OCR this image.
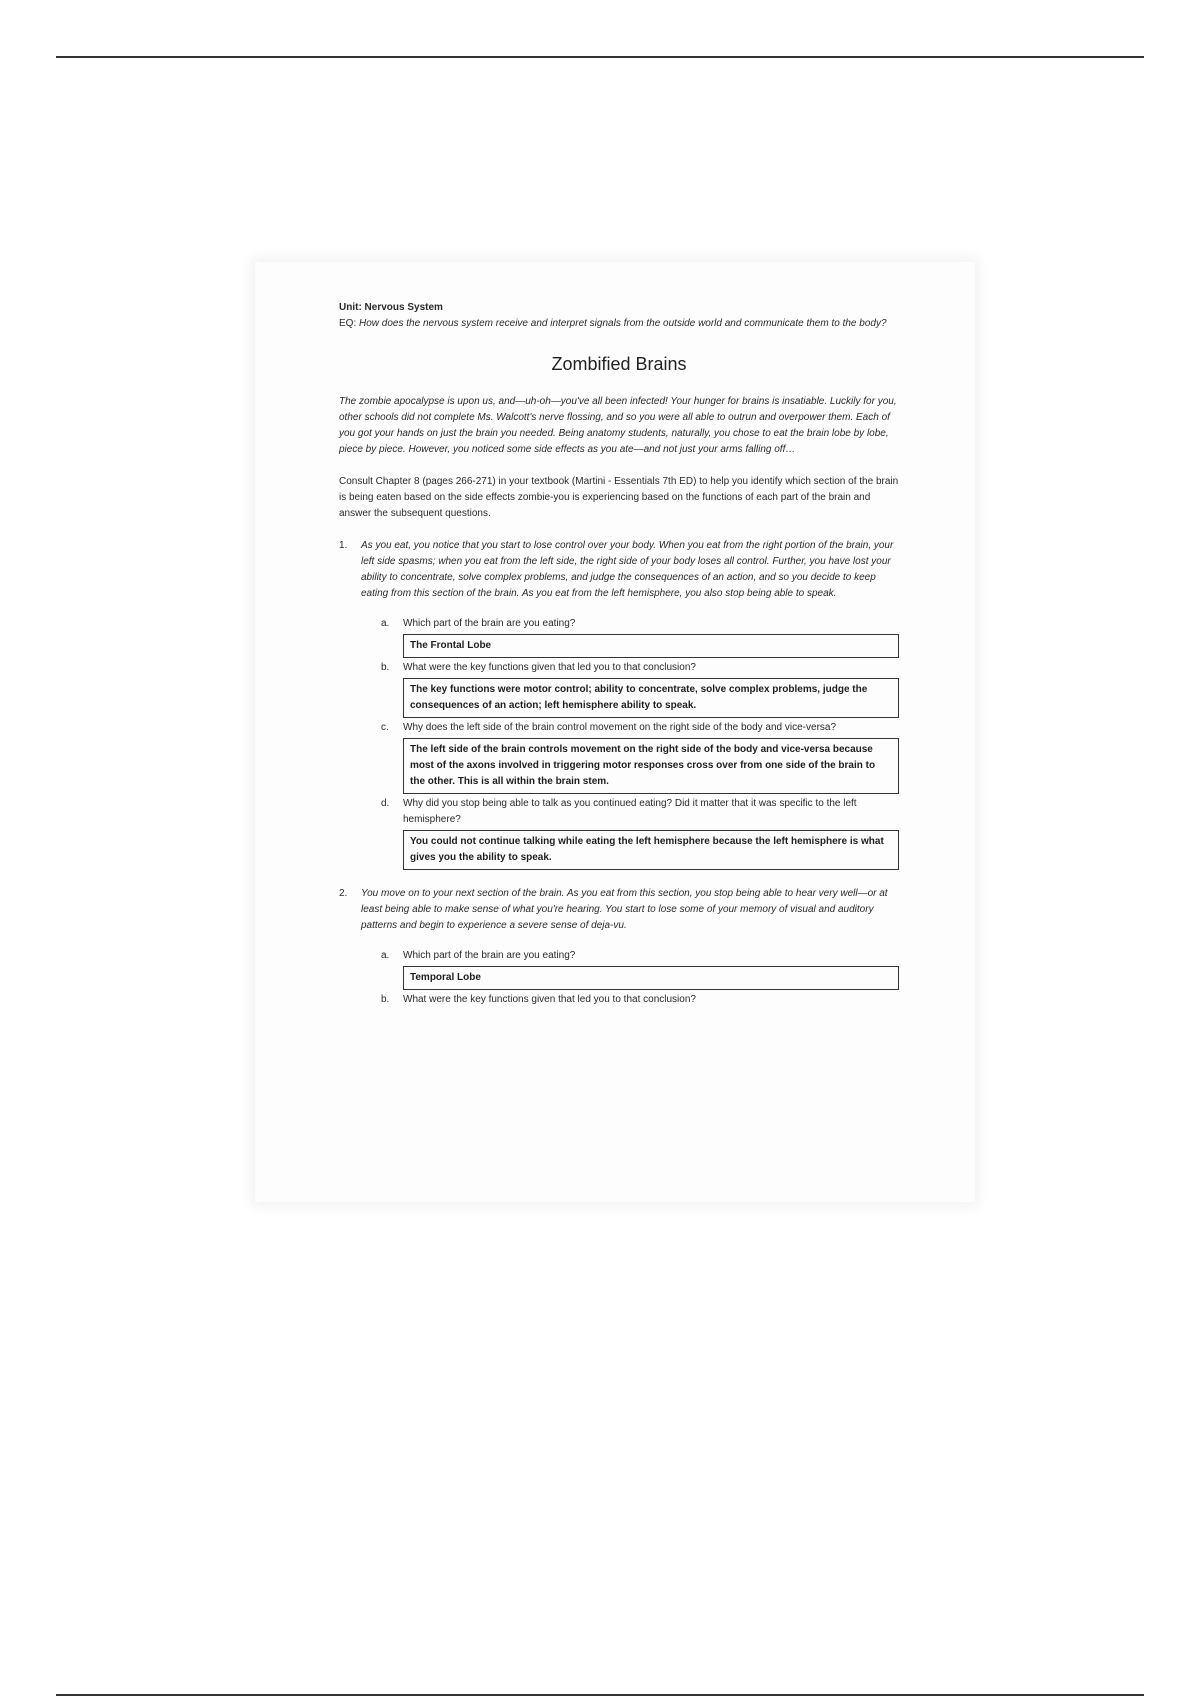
Unit: Nervous System

EQ: How does the nervous system receive and interpret signals from the outside world and communicate them to the body?

Zombified Brains

The zombie apocalypse is upon us, and—uh-oh—you've all been infected! Your hunger for brains is insatiable. Luckily for you, other schools did not complete Ms. Walcott's nerve flossing, and so you were all able to outrun and overpower them. Each of you got your hands on just the brain you needed. Being anatomy students, naturally, you chose to eat the brain lobe by lobe, piece by piece. However, you noticed some side effects as you ate—and not just your arms falling off…

Consult Chapter 8 (pages 266-271) in your textbook (Martini - Essentials 7th ED) to help you identify which section of the brain is being eaten based on the side effects zombie-you is experiencing based on the functions of each part of the brain and answer the subsequent questions.

1.	As you eat, you notice that you start to lose control over your body. When you eat from the right portion of the brain, your left side spasms; when you eat from the left side, the right side of your body loses all control. Further, you have lost your ability to concentrate, solve complex problems, and judge the consequences of an action, and so you decide to keep eating from this section of the brain. As you eat from the left hemisphere, you also stop being able to speak.
a.	Which part of the brain are you eating?
The Frontal Lobe
b.	What were the key functions given that led you to that conclusion?
The key functions were motor control; ability to concentrate, solve complex problems, judge the consequences of an action; left hemisphere ability to speak.
c.	Why does the left side of the brain control movement on the right side of the body and vice-versa?
The left side of the brain controls movement on the right side of the body and vice-versa because most of the axons involved in triggering motor responses cross over from one side of the brain to the other. This is all within the brain stem.
d.	Why did you stop being able to talk as you continued eating? Did it matter that it was specific to the left hemisphere?
You could not continue talking while eating the left hemisphere because the left hemisphere is what gives you the ability to speak.
2.	You move on to your next section of the brain. As you eat from this section, you stop being able to hear very well—or at least being able to make sense of what you're hearing. You start to lose some of your memory of visual and auditory patterns and begin to experience a severe sense of deja-vu.
a.	Which part of the brain are you eating?
Temporal Lobe
b.	What were the key functions given that led you to that conclusion?
